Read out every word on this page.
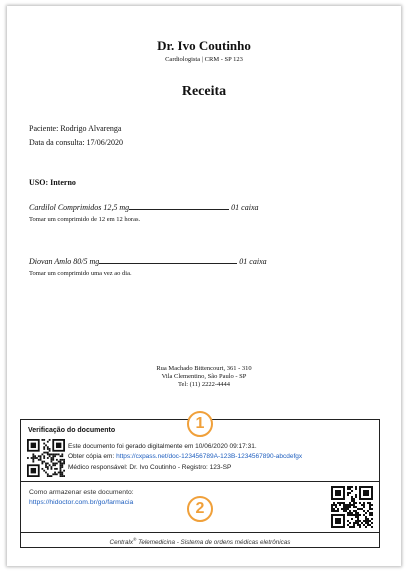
Dr. Ivo Coutinho
Cardiologista | CRM - SP 123
Receita
Paciente: Rodrigo Alvarenga
Data da consulta: 17/06/2020
USO: Interno
Cardilol Comprimidos 12,5 mg	01 caixa
Tomar um comprimido de 12 em 12 horas.
Diovan Amlo 80/5 mg	01 caixa
Tomar um comprimido uma vez ao dia.
Rua Machado Bittencourt, 361 - 310
Vila Clementino, São Paulo - SP
Tel: (11) 2222-4444
Verificação do documento
Este documento foi gerado digitalmente em 10/06/2020 09:17:31.
Obter cópia em: https://cxpass.net/doc-123456789A-123B-1234567890-abcdefgx
Médico responsável: Dr. Ivo Coutinho - Registro: 123-SP
Como armazenar este documento:
https://hidoctor.com.br/go/farmacia
Centralx® Telemedicina - Sistema de ordens médicas eletrônicas
1
2
